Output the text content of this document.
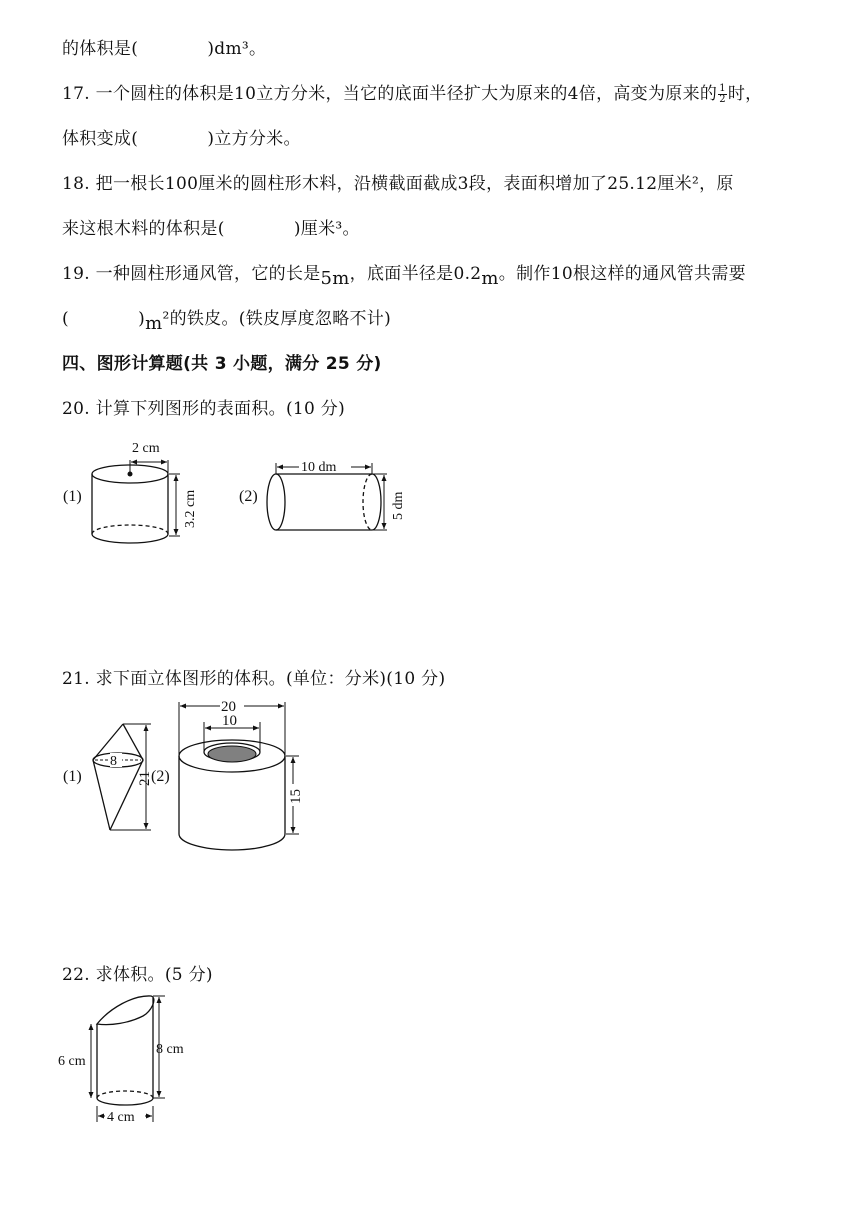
的体积是(　　　　)dm³。
17. 一个圆柱的体积是10立方分米，当它的底面半径扩大为原来的4倍，高变为原来的 $\frac{1}{2}$ 时，
体积变成(　　　　)立方分米。
18. 把一根长100厘米的圆柱形木料，沿横截面截成3段，表面积增加了25.12厘米²，原
来这根木料的体积是(　　　　)厘米³。
19. 一种圆柱形通风管，它的长是5m，底面半径是0.2m。制作10根这样的通风管共需要
(　　　　)m²的铁皮。(铁皮厚度忽略不计)
四、图形计算题(共 3 小题，满分 25 分)
20. 计算下列图形的表面积。(10 分)
(1)
2 cm
3.2 cm	(2)
10 dm
5 dm
21. 求下面立体图形的体积。(单位：分米)(10 分)
(1)
8
21
(2)
20
10
15
22. 求体积。(5 分)
6 cm
8 cm
4 cm
